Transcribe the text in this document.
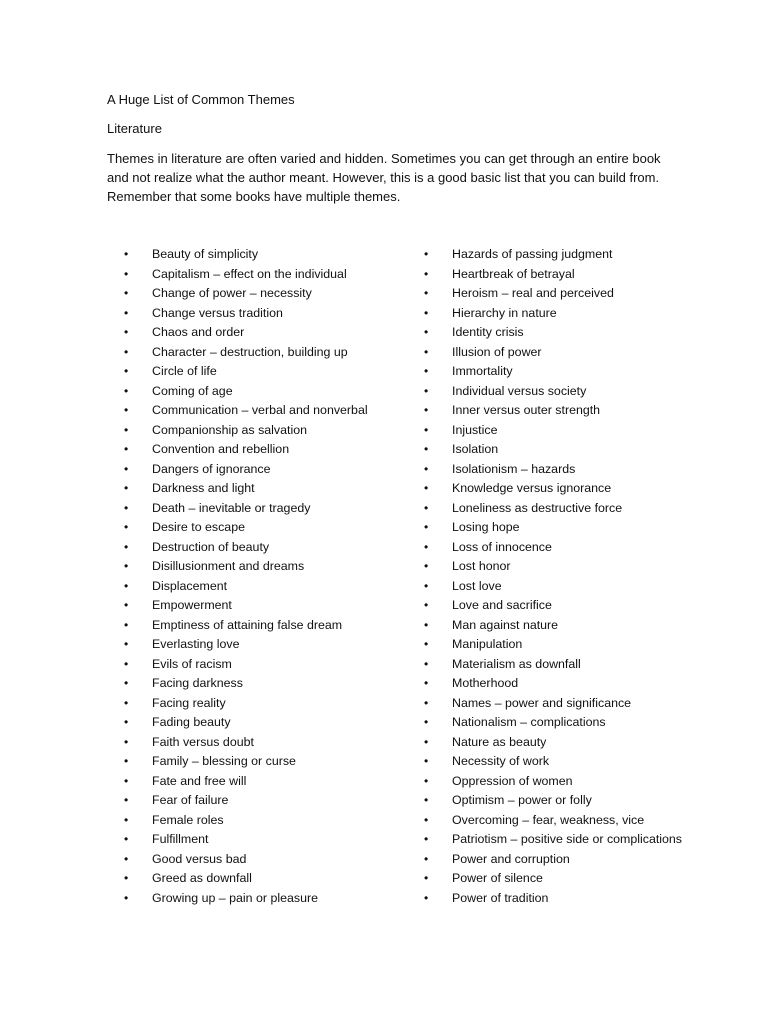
A Huge List of Common Themes
Literature

Themes in literature are often varied and hidden. Sometimes you can get through an entire book and not realize what the author meant. However, this is a good basic list that you can build from. Remember that some books have multiple themes.

• Beauty of simplicity
• Capitalism – effect on the individual
• Change of power – necessity
• Change versus tradition
• Chaos and order
• Character – destruction, building up
• Circle of life
• Coming of age
• Communication – verbal and nonverbal
• Companionship as salvation
• Convention and rebellion
• Dangers of ignorance
• Darkness and light
• Death – inevitable or tragedy
• Desire to escape
• Destruction of beauty
• Disillusionment and dreams
• Displacement
• Empowerment
• Emptiness of attaining false dream
• Everlasting love
• Evils of racism
• Facing darkness
• Facing reality
• Fading beauty
• Faith versus doubt
• Family – blessing or curse
• Fate and free will
• Fear of failure
• Female roles
• Fulfillment
• Good versus bad
• Greed as downfall
• Growing up – pain or pleasure
• Hazards of passing judgment
• Heartbreak of betrayal
• Heroism – real and perceived
• Hierarchy in nature
• Identity crisis
• Illusion of power
• Immortality
• Individual versus society
• Inner versus outer strength
• Injustice
• Isolation
• Isolationism – hazards
• Knowledge versus ignorance
• Loneliness as destructive force
• Losing hope
• Loss of innocence
• Lost honor
• Lost love
• Love and sacrifice
• Man against nature
• Manipulation
• Materialism as downfall
• Motherhood
• Names – power and significance
• Nationalism – complications
• Nature as beauty
• Necessity of work
• Oppression of women
• Optimism – power or folly
• Overcoming – fear, weakness, vice
• Patriotism – positive side or complications
• Power and corruption
• Power of silence
• Power of tradition
